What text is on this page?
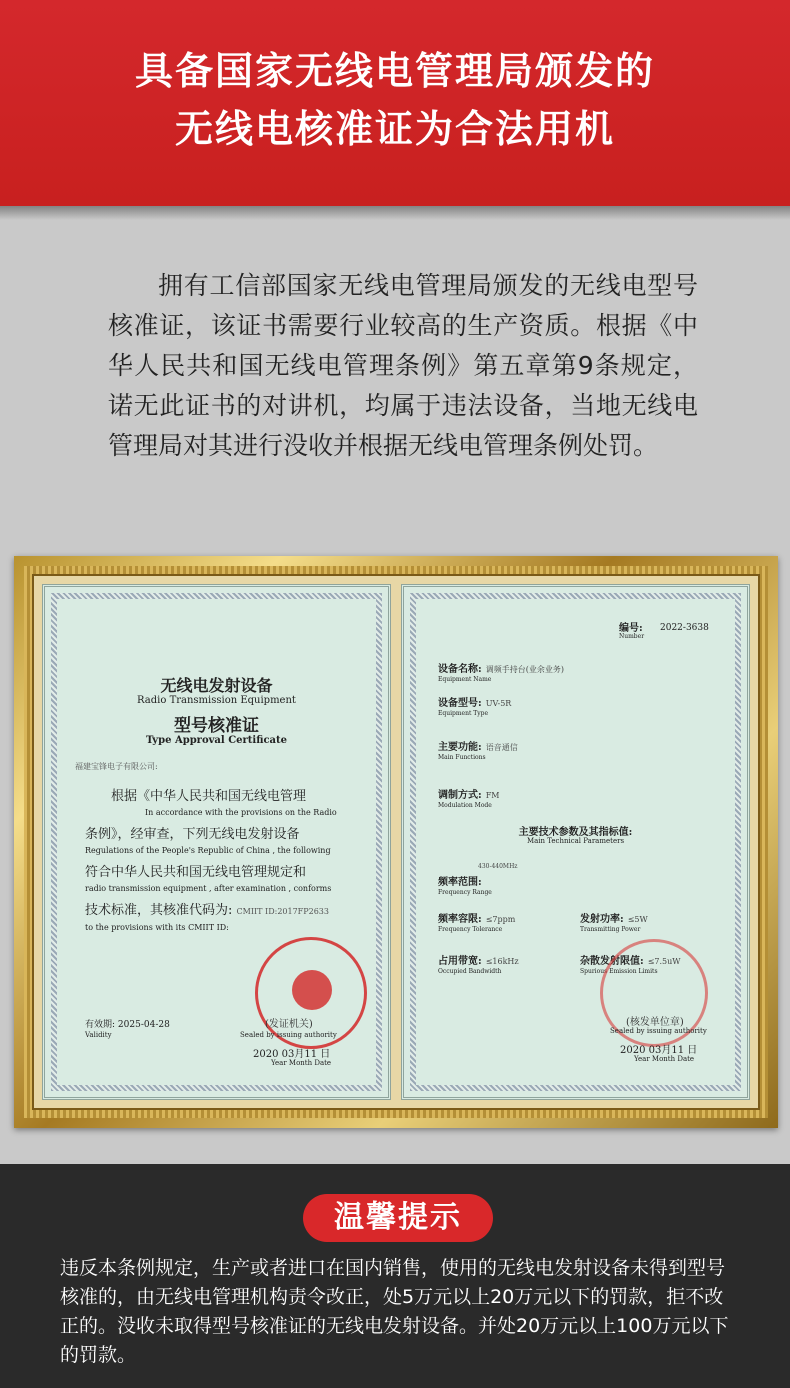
具备国家无线电管理局颁发的
无线电核准证为合法用机

拥有工信部国家无线电管理局颁发的无线电型号核准证，该证书需要行业较高的生产资质。根据《中华人民共和国无线电管理条例》第五章第9条规定，诺无此证书的对讲机，均属于违法设备，当地无线电管理局对其进行没收并根据无线电管理条例处罚。

无线电发射设备
Radio Transmission Equipment
型号核准证
Type Approval Certificate
福建宝锋电子有限公司:
根据《中华人民共和国无线电管理
In accordance with the provisions on the Radio
条例》，经审查，下列无线电发射设备
Regulations of the People's Republic of China , the following
符合中华人民共和国无线电管理规定和
radio transmission equipment , after examination , conforms
技术标准，其核准代码为: CMIIT ID:2017FP2633
to the provisions with its CMIIT ID:
有效期: 2025-04-28
Validity
(发证机关)
Sealed by issuing authority
2020 03月11 日
Year Month Date
编号:
Number
2022-3638
设备名称: 调频手持台(业余业务)
Equipment Name
设备型号: UV-5R
Equipment Type
主要功能: 语音通信
Main Functions
调制方式: FM
Modulation Mode
主要技术参数及其指标值:
Main Technical Parameters
430-440MHz
频率范围:
Frequency Range
频率容限: ≤7ppm
Frequency Tolerance
发射功率: ≤5W
Transmitting Power
占用带宽: ≤16kHz
Occupied Bandwidth
杂散发射限值: ≤7.5uW
Spurious Emission Limits
(核发单位章)
Sealed by issuing authority
2020 03月11 日
Year Month Date
温馨提示
违反本条例规定，生产或者进口在国内销售，使用的无线电发射设备未得到型号核准的，由无线电管理机构责令改正，处5万元以上20万元以下的罚款，拒不改正的。没收未取得型号核准证的无线电发射设备。并处20万元以上100万元以下的罚款。
